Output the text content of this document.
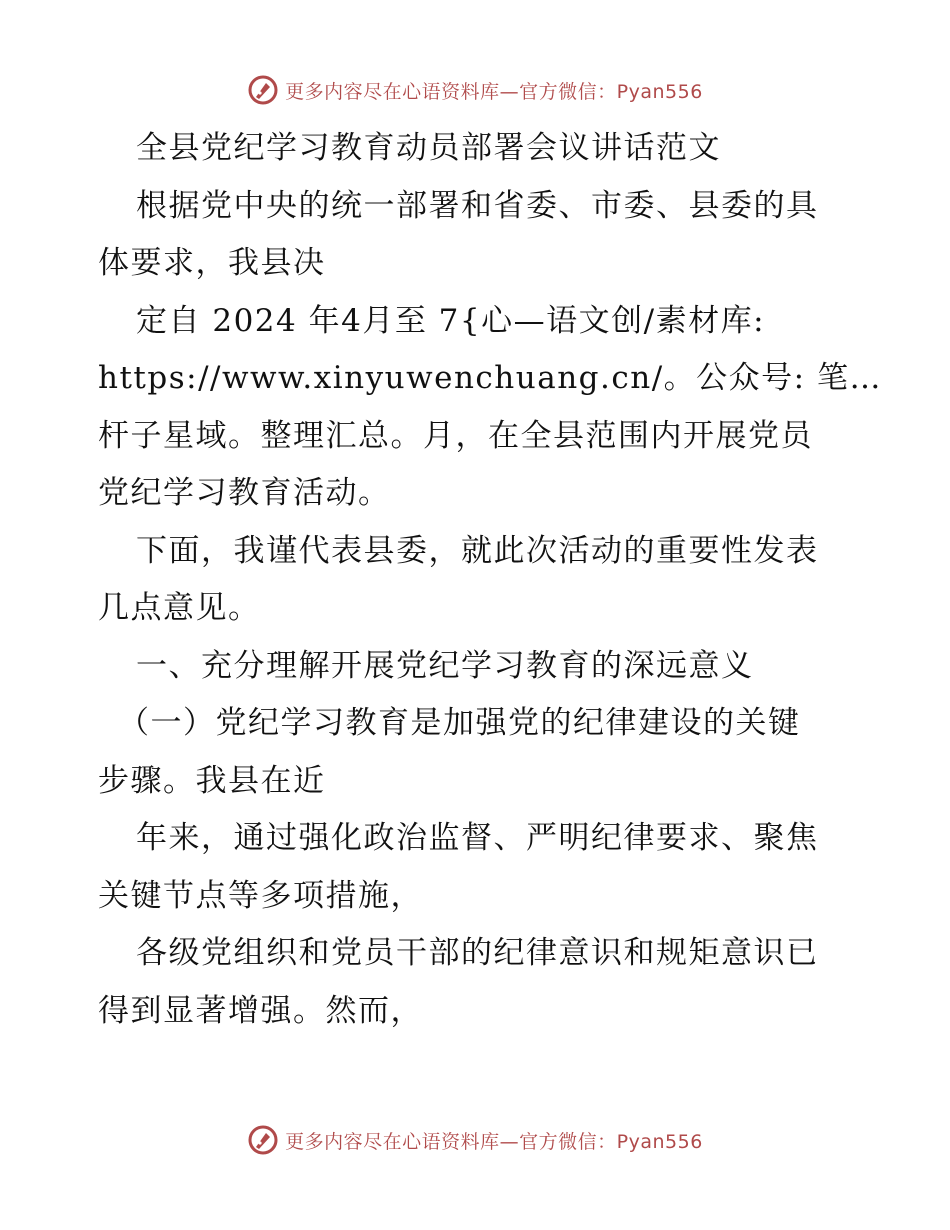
更多内容尽在心语资料库—官方微信：Pyan556
全县党纪学习教育动员部署会议讲话范文
根据党中央的统一部署和省委、市委、县委的具
体要求，我县决
定自 2024 年4月至 7{心—语文创/素材库:
https://www.xinyuwenchuang.cn/。公众号: 笔…
杆子星域。整理汇总。月，在全县范围内开展党员
党纪学习教育活动。
下面，我谨代表县委，就此次活动的重要性发表
几点意见。
一、充分理解开展党纪学习教育的深远意义
（一）党纪学习教育是加强党的纪律建设的关键
步骤。我县在近
年来，通过强化政治监督、严明纪律要求、聚焦
关键节点等多项措施，
各级党组织和党员干部的纪律意识和规矩意识已
得到显著增强。然而，
更多内容尽在心语资料库—官方微信：Pyan556
